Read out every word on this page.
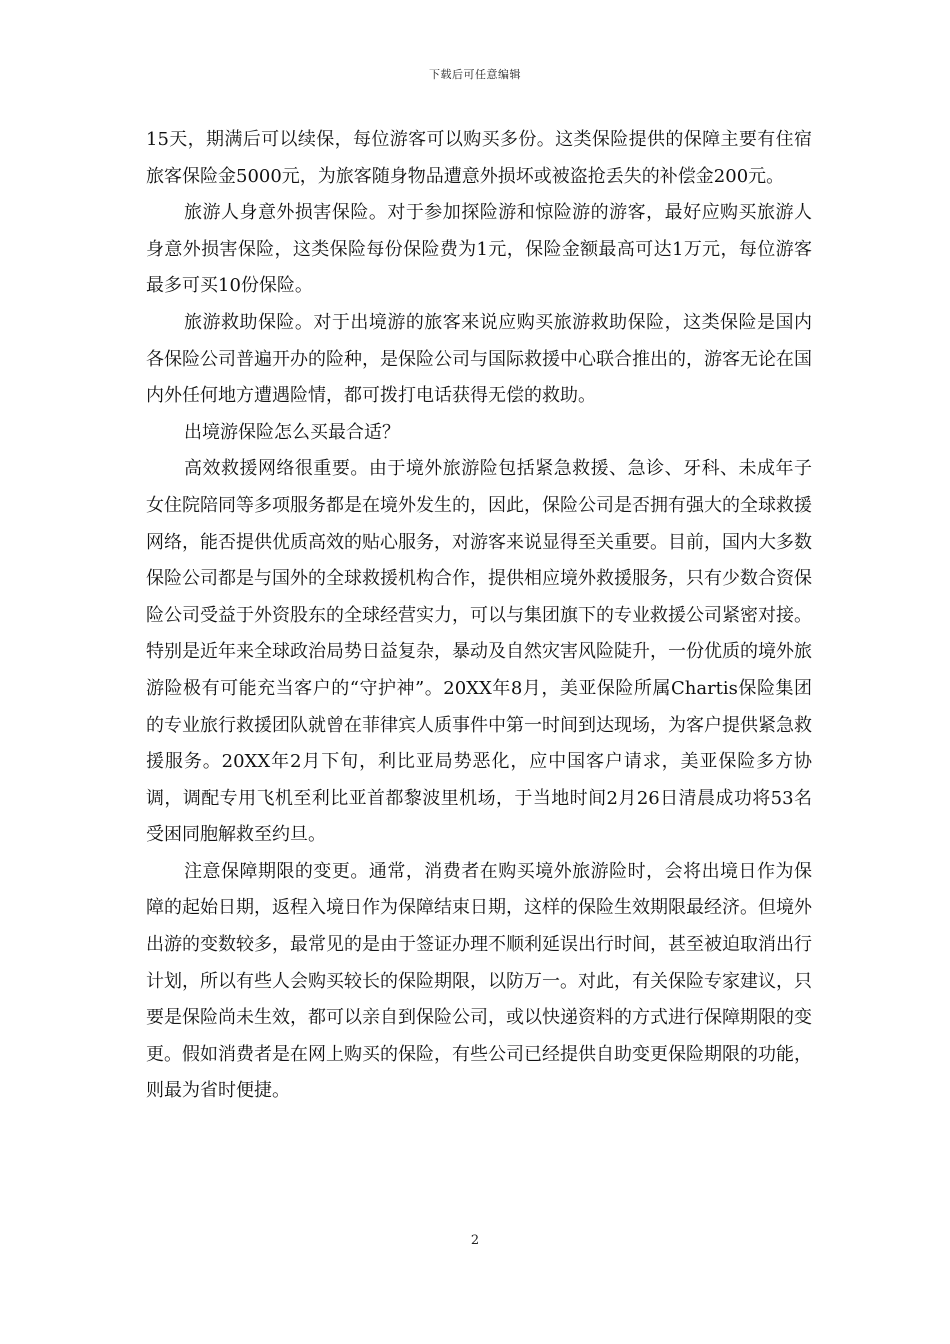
下载后可任意编辑

15天，期满后可以续保，每位游客可以购买多份。这类保险提供的保障主要有住宿旅客保险金5000元，为旅客随身物品遭意外损坏或被盗抢丢失的补偿金200元。

旅游人身意外损害保险。对于参加探险游和惊险游的游客，最好应购买旅游人身意外损害保险，这类保险每份保险费为1元，保险金额最高可达1万元，每位游客最多可买10份保险。

旅游救助保险。对于出境游的旅客来说应购买旅游救助保险，这类保险是国内各保险公司普遍开办的险种，是保险公司与国际救援中心联合推出的，游客无论在国内外任何地方遭遇险情，都可拨打电话获得无偿的救助。

出境游保险怎么买最合适？

高效救援网络很重要。由于境外旅游险包括紧急救援、急诊、牙科、未成年子女住院陪同等多项服务都是在境外发生的，因此，保险公司是否拥有强大的全球救援网络，能否提供优质高效的贴心服务，对游客来说显得至关重要。目前，国内大多数保险公司都是与国外的全球救援机构合作，提供相应境外救援服务，只有少数合资保险公司受益于外资股东的全球经营实力，可以与集团旗下的专业救援公司紧密对接。特别是近年来全球政治局势日益复杂，暴动及自然灾害风险陡升，一份优质的境外旅游险极有可能充当客户的“守护神”。20XX年8月，美亚保险所属Chartis保险集团的专业旅行救援团队就曾在菲律宾人质事件中第一时间到达现场，为客户提供紧急救援服务。20XX年2月下旬，利比亚局势恶化，应中国客户请求，美亚保险多方协调，调配专用飞机至利比亚首都黎波里机场，于当地时间2月26日清晨成功将53名受困同胞解救至约旦。

注意保障期限的变更。通常，消费者在购买境外旅游险时，会将出境日作为保障的起始日期，返程入境日作为保障结束日期，这样的保险生效期限最经济。但境外出游的变数较多，最常见的是由于签证办理不顺利延误出行时间，甚至被迫取消出行计划，所以有些人会购买较长的保险期限，以防万一。对此，有关保险专家建议，只要是保险尚未生效，都可以亲自到保险公司，或以快递资料的方式进行保障期限的变更。假如消费者是在网上购买的保险，有些公司已经提供自助变更保险期限的功能，则最为省时便捷。

2
